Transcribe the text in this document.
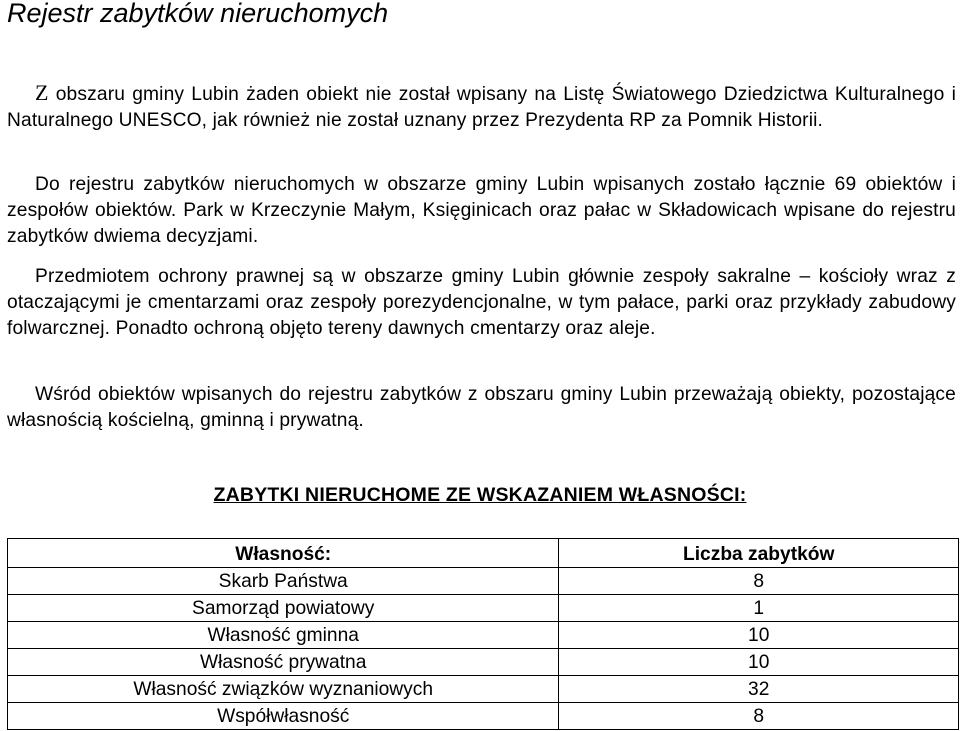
Rejestr zabytków nieruchomych

Z obszaru gminy Lubin żaden obiekt nie został wpisany na Listę Światowego Dziedzictwa Kulturalnego i Naturalnego UNESCO, jak również nie został uznany przez Prezydenta RP za Pomnik Historii.

Do rejestru zabytków nieruchomych w obszarze gminy Lubin wpisanych zostało łącznie 69 obiektów i zespołów obiektów. Park w Krzeczynie Małym, Księginicach oraz pałac w Składowicach wpisane do rejestru zabytków dwiema decyzjami.

Przedmiotem ochrony prawnej są w obszarze gminy Lubin głównie zespoły sakralne – kościoły wraz z otaczającymi je cmentarzami oraz zespoły porezydencjonalne, w tym pałace, parki oraz przykłady zabudowy folwarcznej. Ponadto ochroną objęto tereny dawnych cmentarzy oraz aleje.

Wśród obiektów wpisanych do rejestru zabytków z obszaru gminy Lubin przeważają obiekty, pozostające własnością kościelną, gminną i prywatną.

ZABYTKI NIERUCHOME ZE WSKAZANIEM WŁASNOŚCI:
Własność:	Liczba zabytków
Skarb Państwa	8
Samorząd powiatowy	1
Własność gminna	10
Własność prywatna	10
Własność związków wyznaniowych	32
Współwłasność	8
